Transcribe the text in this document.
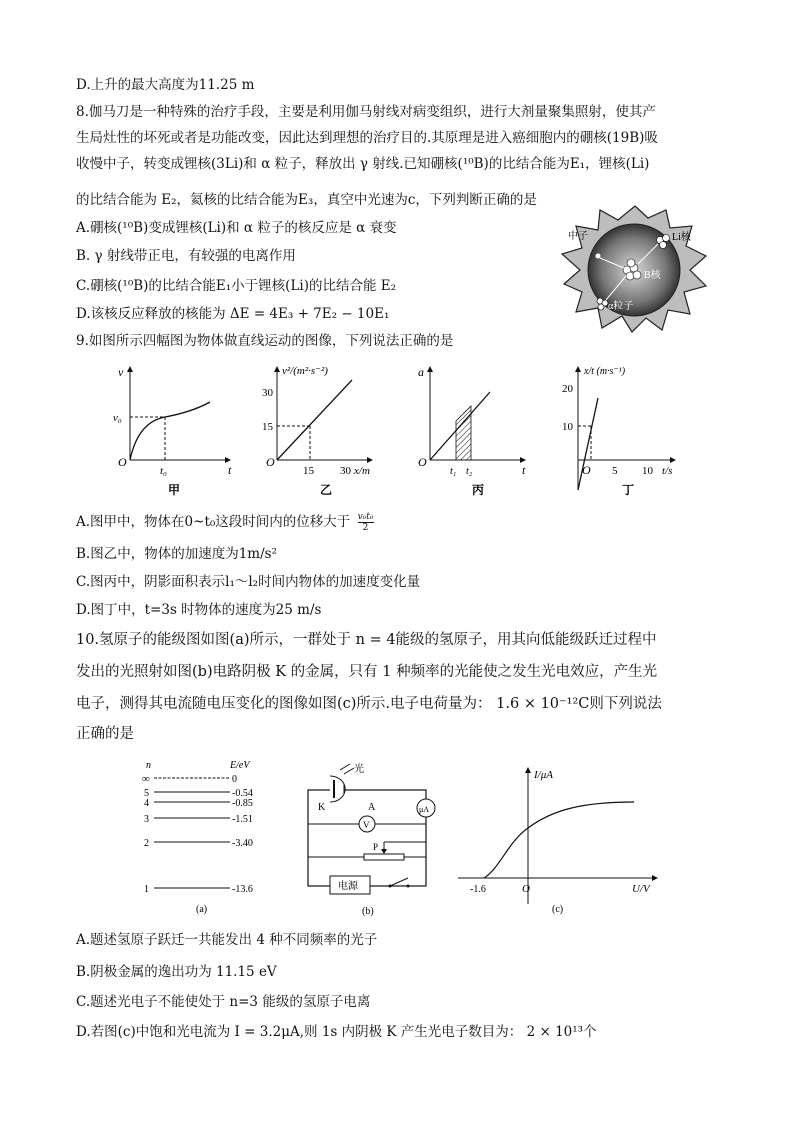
D.上升的最大高度为11.25 m
8.伽马刀是一种特殊的治疗手段，主要是利用伽马射线对病变组织，进行大剂量聚集照射，使其产
生局灶性的坏死或者是功能改变，因此达到理想的治疗目的.其原理是进入癌细胞内的硼核(19B)吸
收慢中子，转变成锂核(3Li)和 α 粒子，释放出 γ 射线.已知硼核(¹⁰B)的比结合能为E₁，锂核(Li)
的比结合能为 E₂，氦核的比结合能为E₃，真空中光速为c，下列判断正确的是
A.硼核(¹⁰B)变成锂核(Li)和 α 粒子的核反应是 α 衰变
B. γ 射线带正电，有较强的电离作用
C.硼核(¹⁰B)的比结合能E₁小于锂核(Li)的比结合能 E₂
D.该核反应释放的核能为 ΔE = 4E₃ + 7E₂ − 10E₁
9.如图所示四幅图为物体做直线运动的图像，下列说法正确的是
中子	Li核
B核
α粒子
v
v₀
t₀	t
O
甲
v²/(m²·s⁻²)
30
15
15 30 x/m
O
乙
a
t₁ t₂	t
O
丙
x/t (m·s⁻¹)
20
10
5 10 t/s
O
丁
A.图甲中，物体在0~t₀这段时间内的位移大于 $\frac{\text{v₀t₀}}{2}$
B.图乙中，物体的加速度为1m/s²
C.图丙中，阴影面积表示l₁～l₂时间内物体的加速度变化量
D.图丁中，t=3s 时物体的速度为25 m/s
10.氢原子的能级图如图(a)所示，一群处于 n = 4能级的氢原子，用其向低能级跃迁过程中
发出的光照射如图(b)电路阴极 K 的金属，只有 1 种频率的光能使之发生光电效应，产生光
电子，测得其电流随电压变化的图像如图(c)所示.电子电荷量为： 1.6 × 10⁻¹²C则下列说法
正确的是
n	E/eV
∞	0
5	-0.54
4	-0.85
3	-1.51
2	-3.40
1	-13.6
(a)
光
K	A	μA
V
P
电源
(b)
I/μA
U/V
-1.6	O
(c)
A.题述氢原子跃迁一共能发出 4 种不同频率的光子
B.阴极金属的逸出功为 11.15 eV
C.题述光电子不能使处于 n=3 能级的氢原子电离
D.若图(c)中饱和光电流为 I = 3.2μA,则 1s 内阴极 K 产生光电子数目为： 2 × 10¹³个
